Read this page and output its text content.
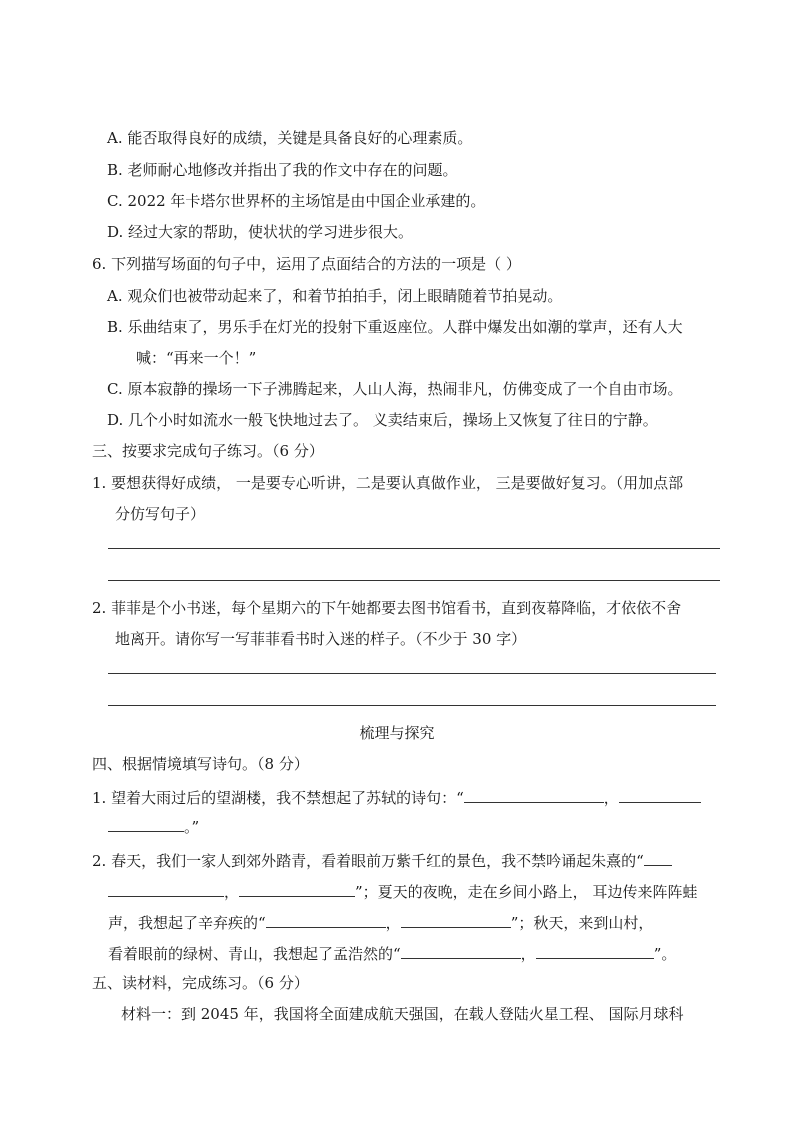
A. 能否取得良好的成绩，关键是具备良好的心理素质。
B. 老师耐心地修改并指出了我的作文中存在的问题。
C. 2022 年卡塔尔世界杯的主场馆是由中国企业承建的。
D. 经过大家的帮助，使状状的学习进步很大。
6. 下列描写场面的句子中，运用了点面结合的方法的一项是（ ）
A. 观众们也被带动起来了，和着节拍拍手，闭上眼睛随着节拍晃动。
B. 乐曲结束了，男乐手在灯光的投射下重返座位。人群中爆发出如潮的掌声，还有人大
喊：“再来一个！”
C. 原本寂静的操场一下子沸腾起来，人山人海，热闹非凡，仿佛变成了一个自由市场。
D. 几个小时如流水一般飞快地过去了。 义卖结束后，操场上又恢复了往日的宁静。
三、按要求完成句子练习。（6 分）
1. 要想获得好成绩， 一是要专心听讲，二是要认真做作业， 三是要做好复习。（用加点部
分仿写句子）
2. 菲菲是个小书迷，每个星期六的下午她都要去图书馆看书，直到夜幕降临，才依依不舍
地离开。请你写一写菲菲看书时入迷的样子。（不少于 30 字）
梳理与探究
四、根据情境填写诗句。（8 分）
1. 望着大雨过后的望湖楼，我不禁想起了苏轼的诗句：“	，
。”
2. 春天，我们一家人到郊外踏青，看着眼前万紫千红的景色，我不禁吟诵起朱熹的“
，	”；夏天的夜晚，走在乡间小路上， 耳边传来阵阵蛙
声，我想起了辛弃疾的“	，	”；秋天，来到山村，
看着眼前的绿树、青山，我想起了孟浩然的“	，	”。
五、读材料，完成练习。（6 分）
材料一：到 2045 年，我国将全面建成航天强国，在载人登陆火星工程、 国际月球科
